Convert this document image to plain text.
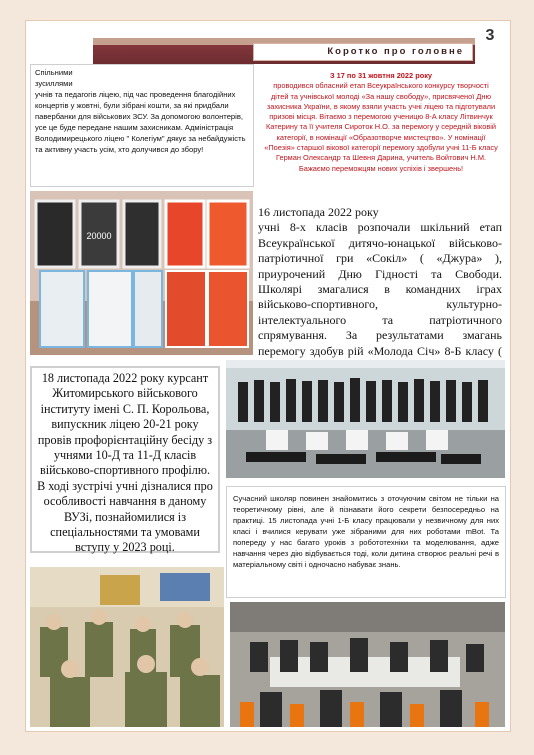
Коротко про головне
3
Спільними зусиллями
учнів та педагогів ліцею, під час проведення благодійних концертів у жовтні, були зібрані кошти, за які придбали павербанки для військових ЗСУ. За допомогою волонтерів, усе це буде передане нашим захисникам. Адміністрація Володимирецького ліцею " Колегіум" дякує за небайдужість та активну участь усім, хто долучився до збору!
З 17 по 31 жовтня 2022 року
проводився обласний етап Всеукраїнського конкурсу творчості дітей та учнівської молоді «За нашу свободу», присвяченої Дню захисника України, в якому взяли участь учні ліцею та підготували призові місця. Вітаємо з перемогою ученицю 8-А класу Літвинчук Катерину та її учителя Сироток Н.О. за перемогу у середній віковій категорії, в номінації «Образотворче мистецтво». У номінації «Поезія» старшої вікової категорії перемогу здобули учні 11-Б класу Герман Олександр та Шевня Дарина, учитель Войтович Н.М. Бажаємо переможцям нових успіхів і звершень!
20000
16 листопада 2022 року
учні 8-х класів розпочали шкільний етап Всеукраїнської дитячо-юнацької військово-патріотичної гри «Сокіл» ( «Джура» ), приурочений Дню Гідності та Свободи. Школярі змагалися в командних іграх військово-спортивного, культурно-інтелектуального та патріотичного спрямування. За результатами змагань перемогу здобув рій «Молода Січ» 8-Б класу (
18 листопада 2022 року курсант Житомирського військового інституту імені С. П. Корольова, випускник ліцею 20-21 року провів профорієнтаційну бесіду з учнями 10-Д та 11-Д класів військово-спортивного профілю. В ході зустрічі учні дізналися про особливості навчання в даному ВУЗі, познайомилися із спеціальностями та умовами вступу у 2023 році.
Сучасний школяр повинен знайомитись з оточуючим світом не тільки на теоретичному рівні, але й пізнавати його секрети безпосередньо на практиці. 15 листопада учні 1-Б класу працювали у незвичному для них класі і вчилися керувати уже зібраними для них роботами mBot. Та попереду у нас багато уроків з робототехніки та моделювання, адже навчання через дію відбувається тоді, коли дитина створює реальні речі в матеріальному світі і одночасно набуває знань.
